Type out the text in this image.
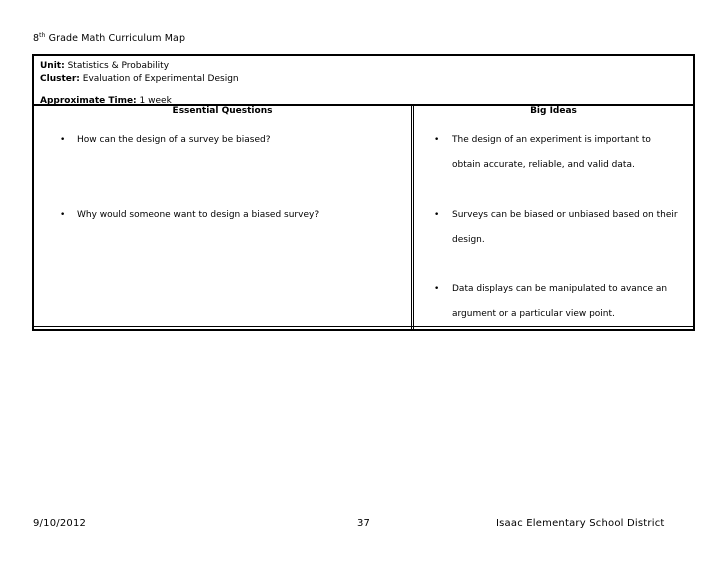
8th Grade Math Curriculum Map
Unit: Statistics & Probability
Cluster: Evaluation of Experimental Design
Approximate Time: 1 week
Essential Questions
•	How can the design of a survey be biased?
•	Why would someone want to design a biased survey?
Big Ideas
•	The design of an experiment is important to obtain accurate, reliable, and valid data.
•	Surveys can be biased or unbiased based on their design.
•	Data displays can be manipulated to avance an argument or a particular view point.
9/10/2012	37	Isaac Elementary School District
